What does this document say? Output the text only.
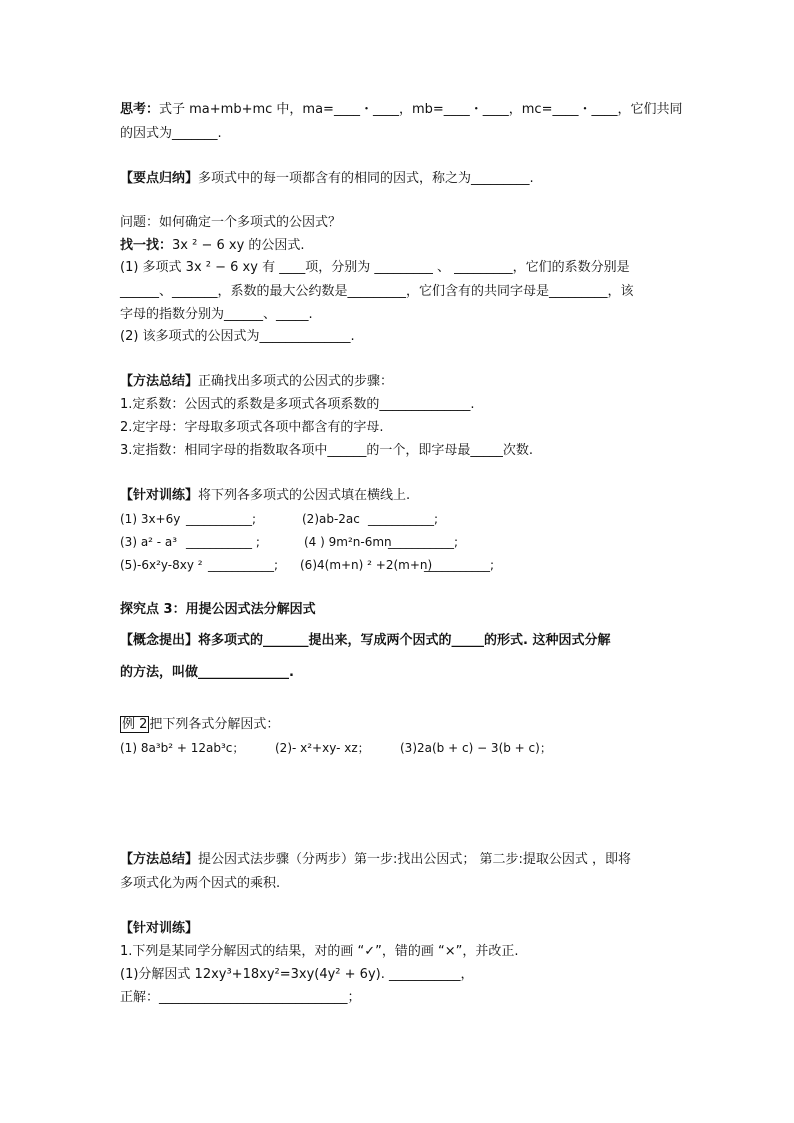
思考：式子 ma+mb+mc 中，ma=____・____，mb=____・____，mc=____・____，它们共同
的因式为_______.
【要点归纳】多项式中的每一项都含有的相同的因式，称之为_________.
问题：如何确定一个多项式的公因式？
找一找：3x ² − 6 xy 的公因式.
(1) 多项式 3x ² − 6 xy 有 ____项，分别为 _________ 、 _________，它们的系数分别是
______、_______，系数的最大公约数是_________，它们含有的共同字母是_________，该
字母的指数分别为______、_____.
(2) 该多项式的公因式为______________.
【方法总结】正确找出多项式的公因式的步骤：
1.定系数：公因式的系数是多项式各项系数的______________.
2.定字母：字母取多项式各项中都含有的字母.
3.定指数：相同字母的指数取各项中______的一个，即字母最_____次数.
【针对训练】将下列各多项式的公因式填在横线上.
(1) 3x+6y ___________;	(2)ab-2ac ___________;
(3) a² - a³ ___________ ;	(4 ) 9m²n-6mn___________;
(5)-6x²y-8xy ² ___________; (6)4(m+n) ² +2(m+n)___________;
探究点 3：用提公因式法分解因式
【概念提出】将多项式的_______提出来，写成两个因式的_____的形式. 这种因式分解
的方法，叫做______________.
例 2 把下列各式分解因式：
(1) 8a³b² + 12ab³c；	(2)- x²+xy- xz；	(3)2a(b + c) − 3(b + c)；
【方法总结】提公因式法步骤（分两步）第一步:找出公因式； 第二步:提取公因式 ，即将
多项式化为两个因式的乘积.
【针对训练】
1.下列是某同学分解因式的结果，对的画 “✓”，错的画 “×”，并改正.
(1)分解因式 12xy³+18xy²=3xy(4y² + 6y). ___________，
正解：_____________________________；
